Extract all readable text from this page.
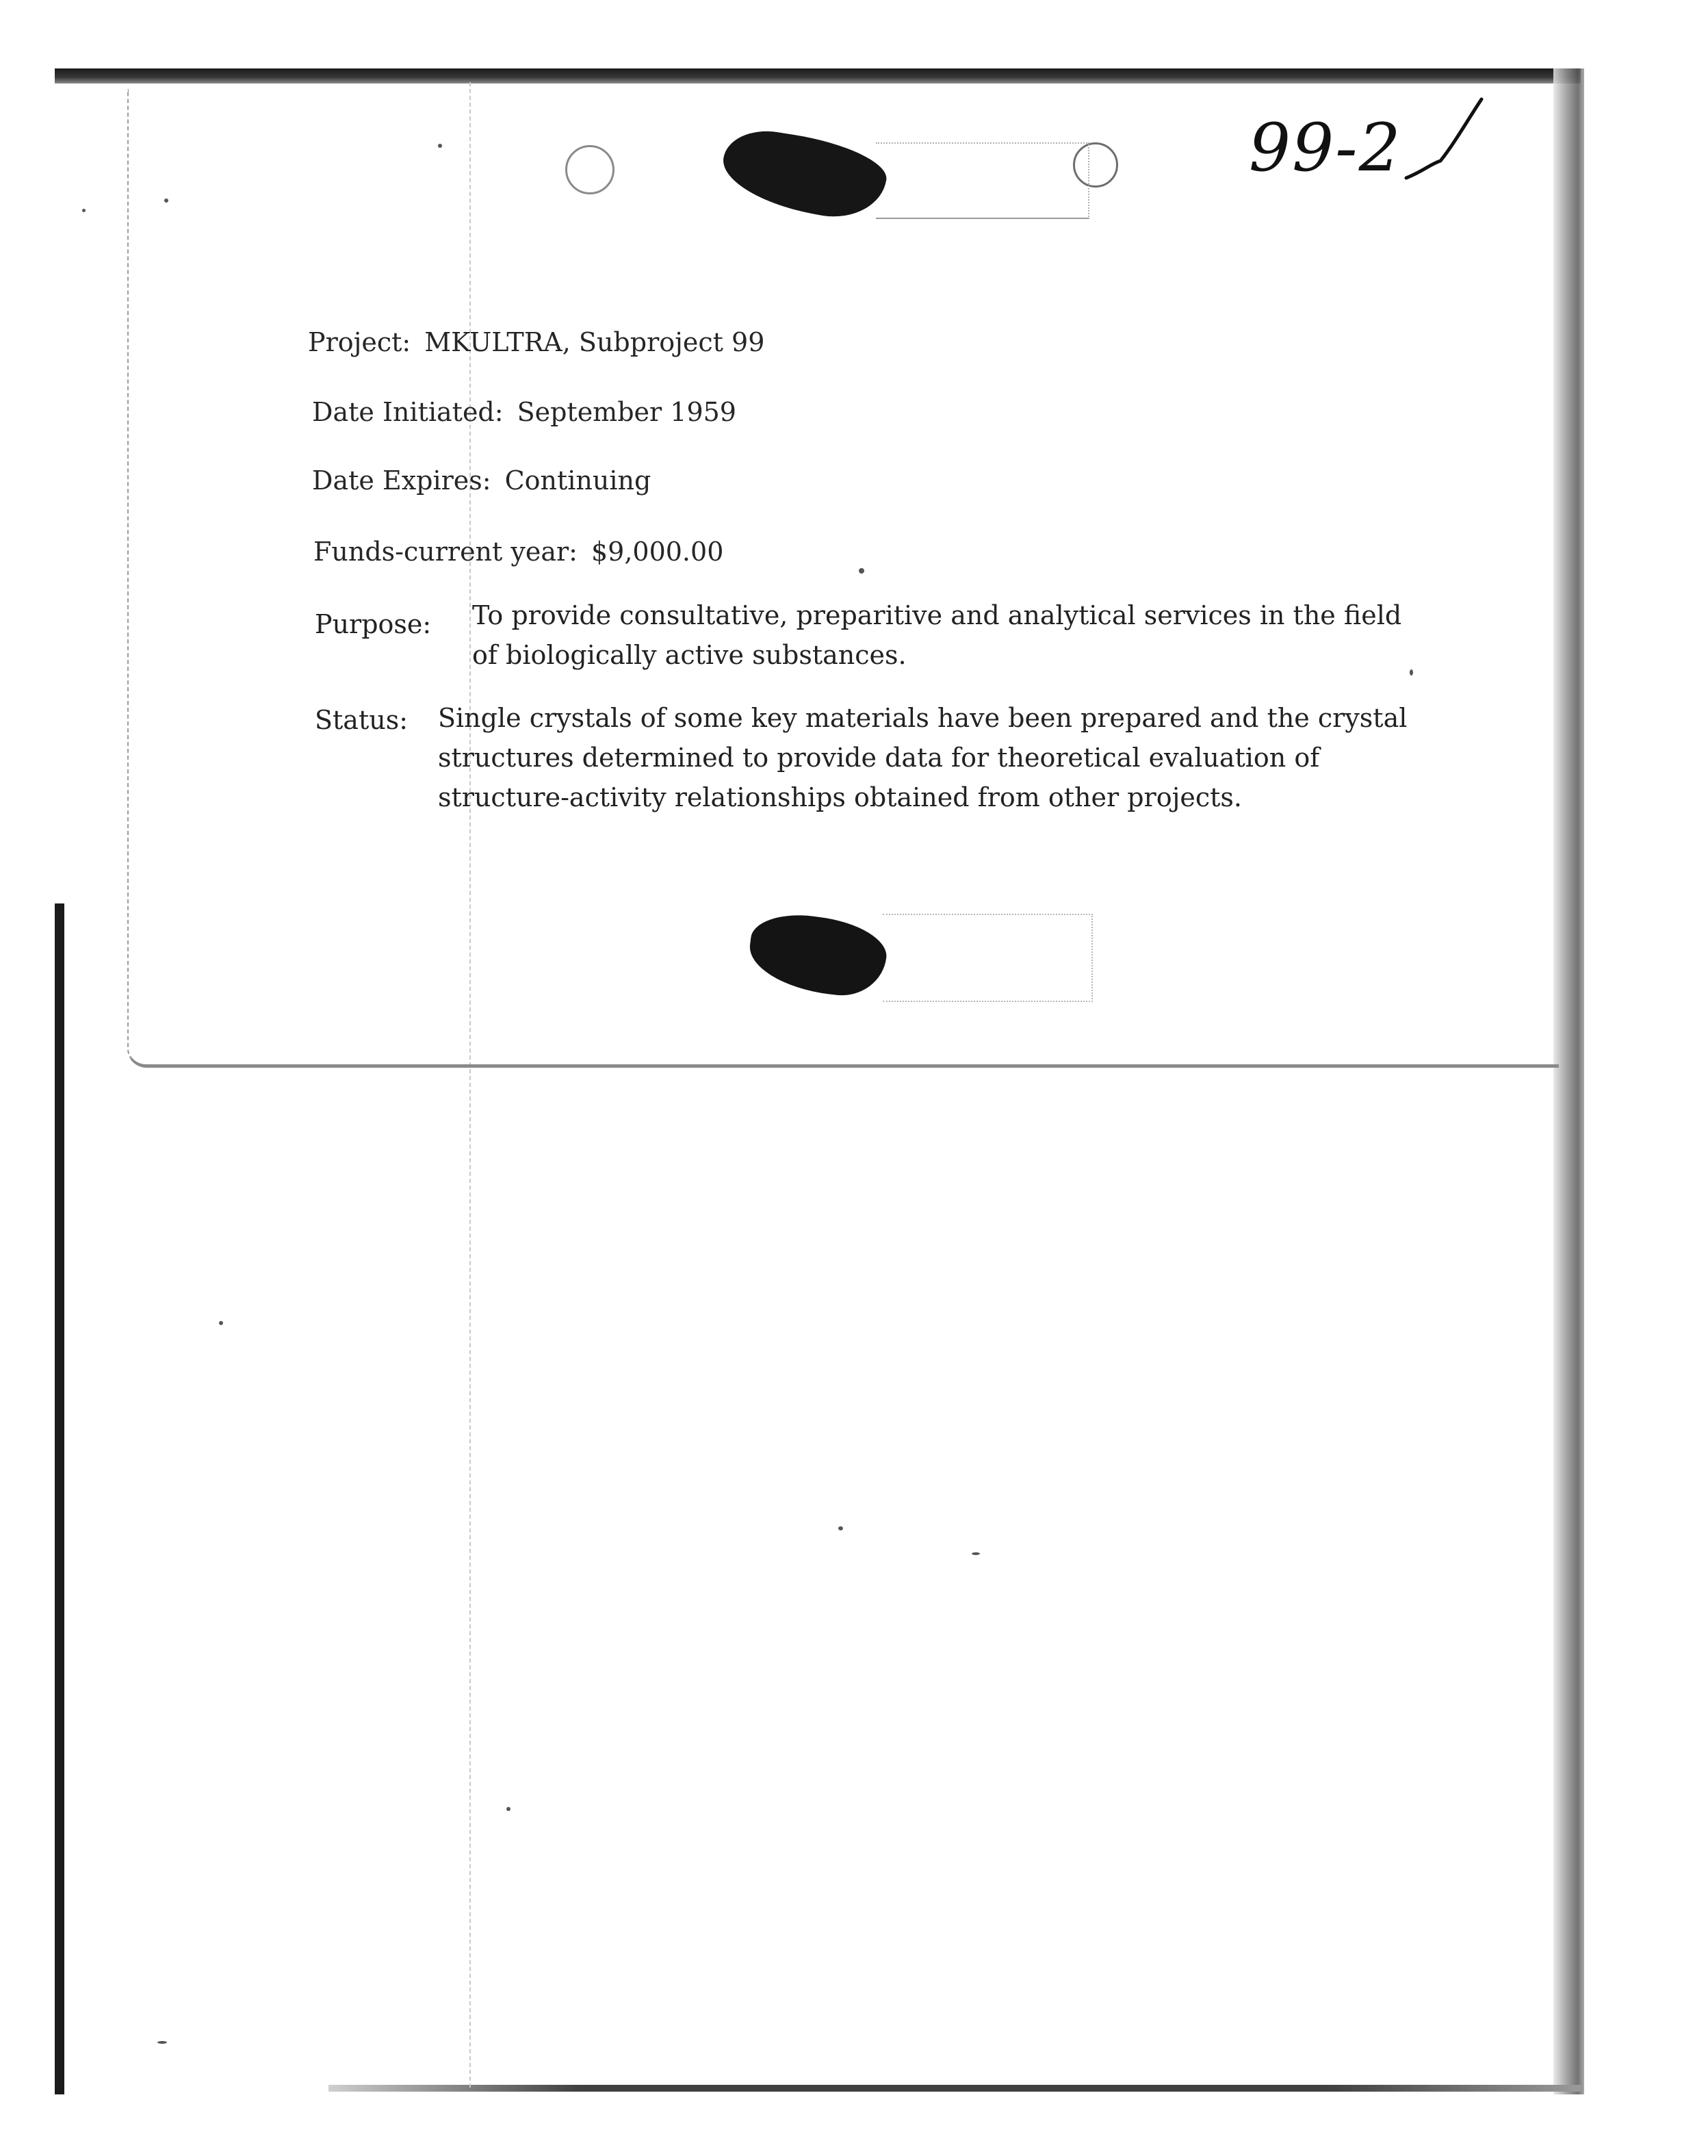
99-2
Project: MKULTRA, Subproject 99
Date Initiated: September 1959
Date Expires: Continuing
Funds-current year: $9,000.00
Purpose: To provide consultative, preparitive and analytical services in the field of biologically active substances.
Status: Single crystals of some key materials have been prepared and the crystal structures determined to provide data for theoretical evaluation of structure-activity relationships obtained from other projects.
